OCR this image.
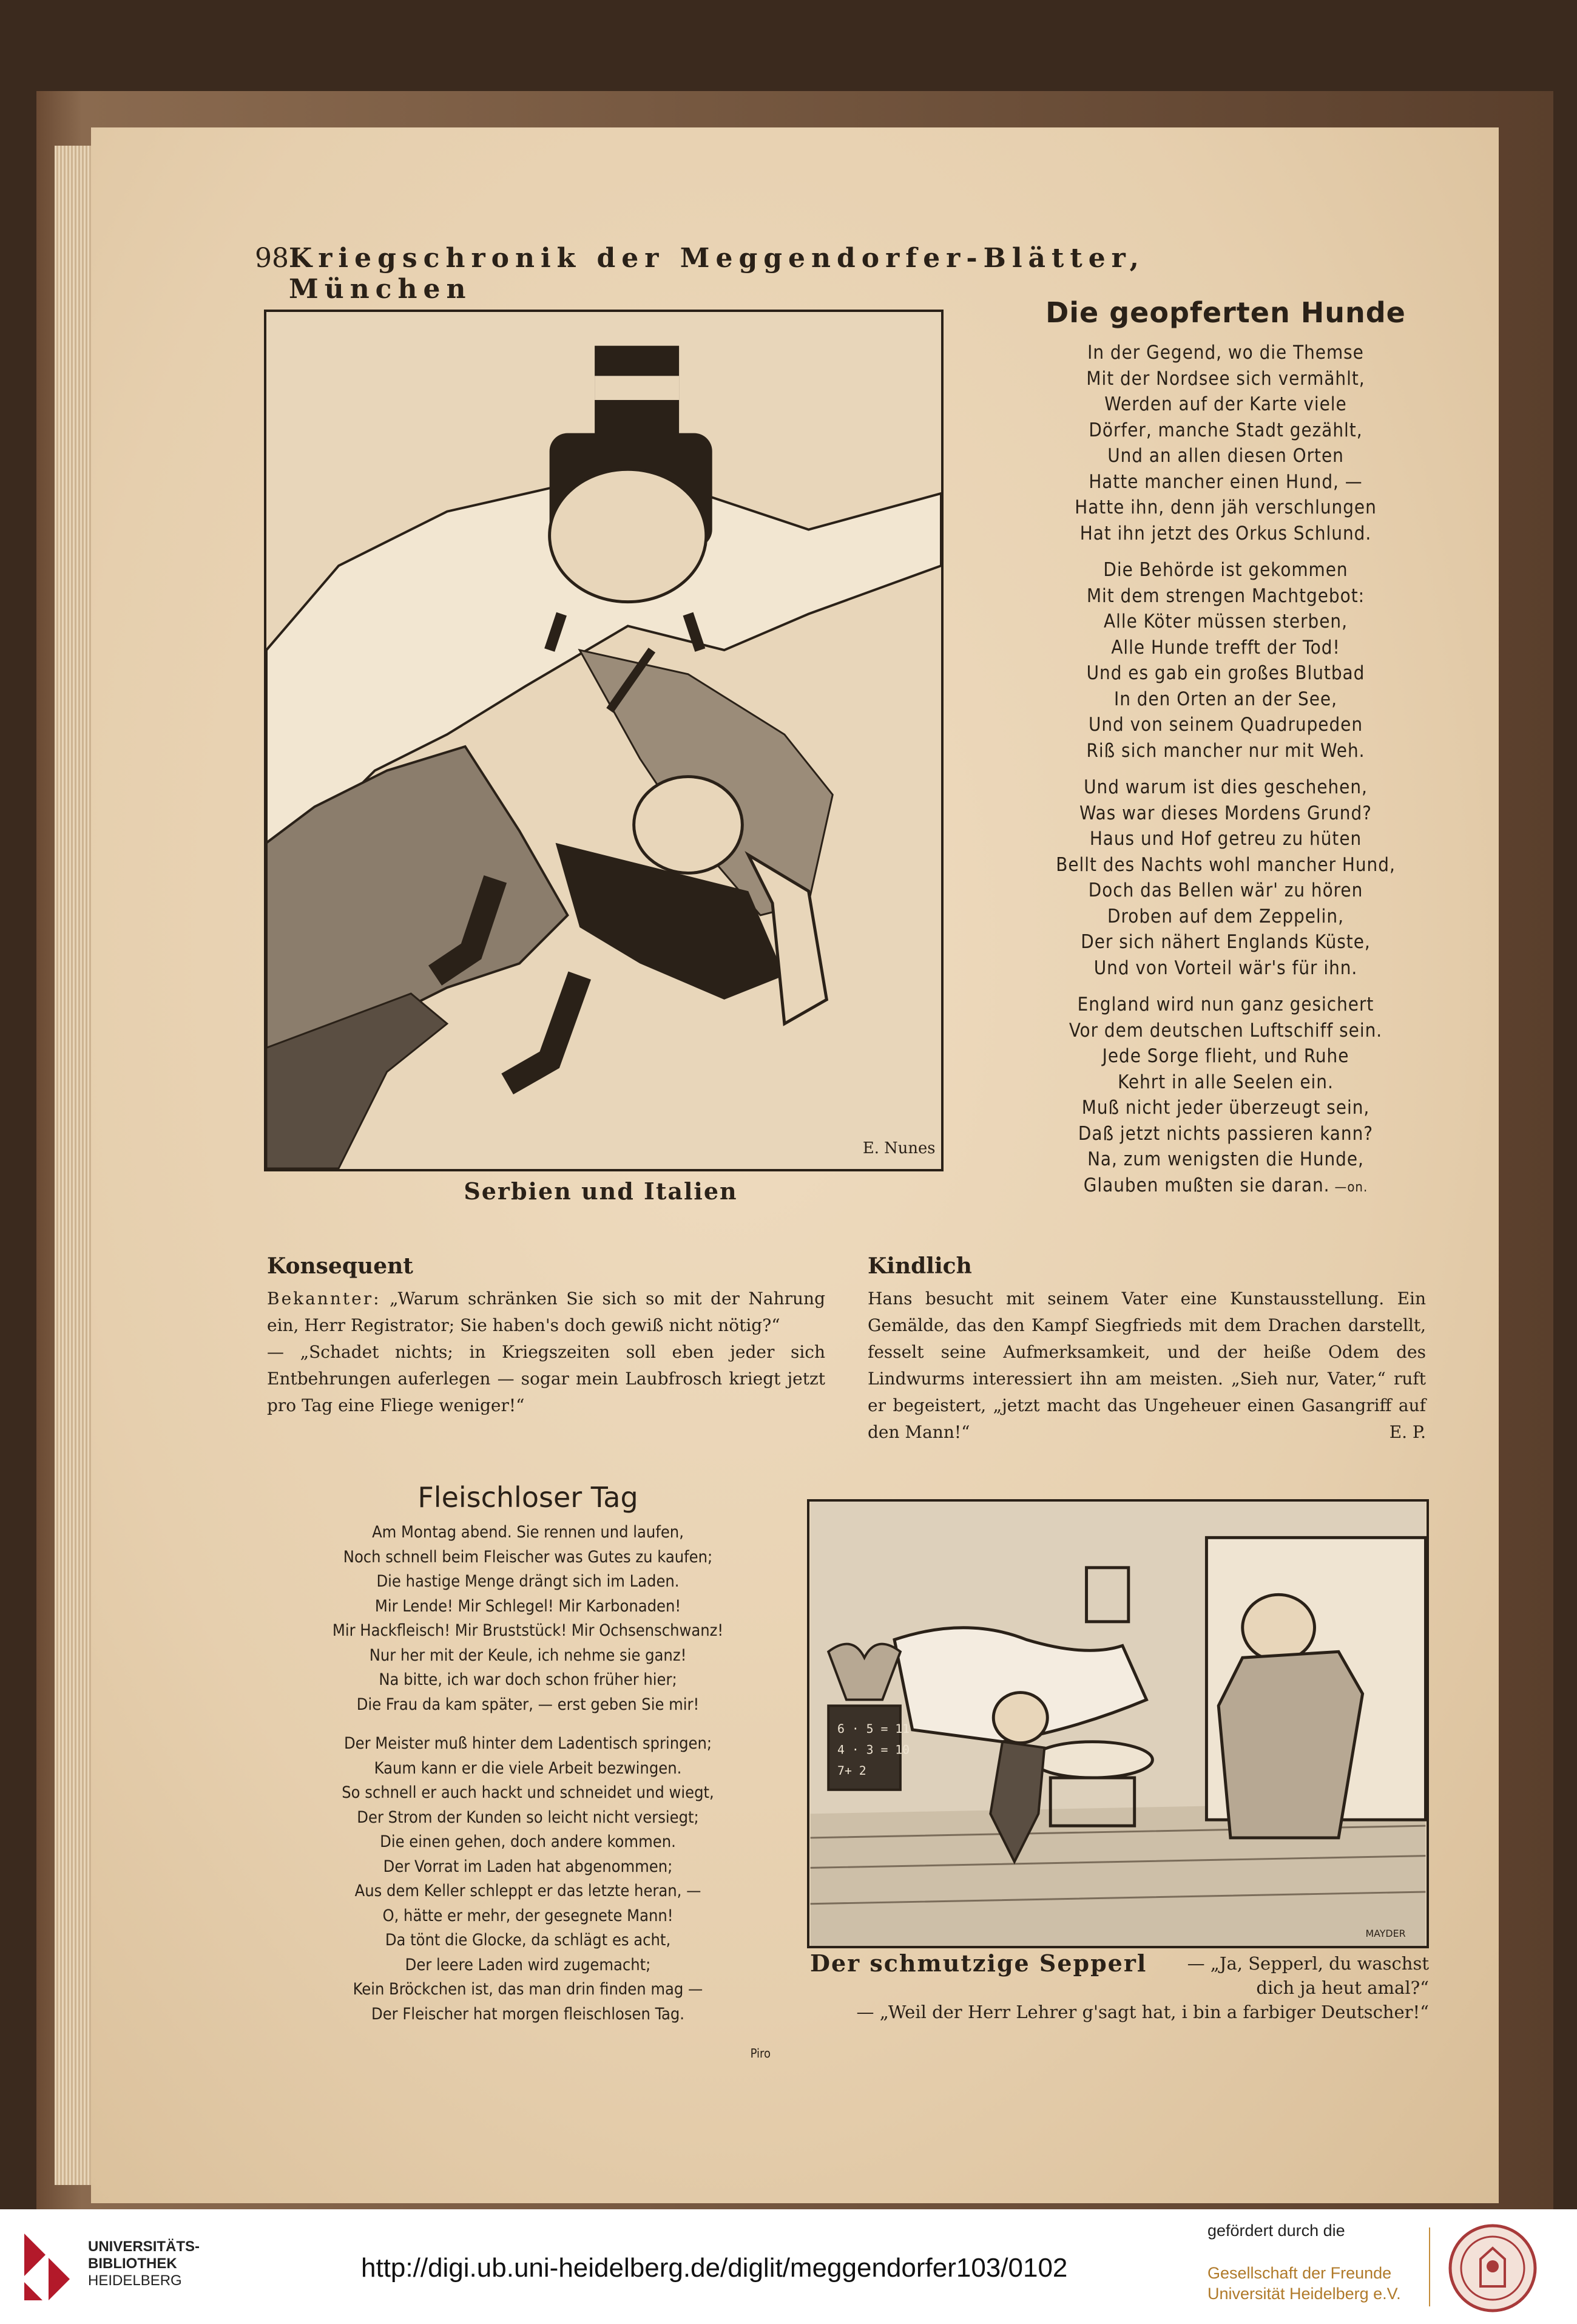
98 Kriegschronik der Meggendorfer-Blätter, München
E. Nunes
Serbien und Italien
Die geopferten Hunde
In der Gegend, wo die Themse
Mit der Nordsee sich vermählt,
Werden auf der Karte viele
Dörfer, manche Stadt gezählt,
Und an allen diesen Orten
Hatte mancher einen Hund, —
Hatte ihn, denn jäh verschlungen
Hat ihn jetzt des Orkus Schlund.
Die Behörde ist gekommen
Mit dem strengen Machtgebot:
Alle Köter müssen sterben,
Alle Hunde trefft der Tod!
Und es gab ein großes Blutbad
In den Orten an der See,
Und von seinem Quadrupeden
Riß sich mancher nur mit Weh.
Und warum ist dies geschehen,
Was war dieses Mordens Grund?
Haus und Hof getreu zu hüten
Bellt des Nachts wohl mancher Hund,
Doch das Bellen wär' zu hören
Droben auf dem Zeppelin,
Der sich nähert Englands Küste,
Und von Vorteil wär's für ihn.
England wird nun ganz gesichert
Vor dem deutschen Luftschiff sein.
Jede Sorge flieht, und Ruhe
Kehrt in alle Seelen ein.
Muß nicht jeder überzeugt sein,
Daß jetzt nichts passieren kann?
Na, zum wenigsten die Hunde,
Glauben mußten sie daran. —on.
Konsequent
Bekannter: „Warum schränken Sie sich so mit der Nahrung ein, Herr Registrator; Sie haben's doch gewiß nicht nötig?“
— „Schadet nichts; in Kriegszeiten soll eben jeder sich Entbehrungen auferlegen — sogar mein Laubfrosch kriegt jetzt pro Tag eine Fliege weniger!“
Kindlich
Hans besucht mit seinem Vater eine Kunstausstellung. Ein Gemälde, das den Kampf Siegfrieds mit dem Drachen darstellt, fesselt seine Aufmerksamkeit, und der heiße Odem des Lindwurms interessiert ihn am meisten. „Sieh nur, Vater,“ ruft er begeistert, „jetzt macht das Ungeheuer einen Gasangriff auf den Mann!“	E. P.
Fleischloser Tag
Am Montag abend. Sie rennen und laufen,
Noch schnell beim Fleischer was Gutes zu kaufen;
Die hastige Menge drängt sich im Laden.
Mir Lende! Mir Schlegel! Mir Karbonaden!
Mir Hackfleisch! Mir Bruststück! Mir Ochsenschwanz!
Nur her mit der Keule, ich nehme sie ganz!
Na bitte, ich war doch schon früher hier;
Die Frau da kam später, — erst geben Sie mir!
Der Meister muß hinter dem Ladentisch springen;
Kaum kann er die viele Arbeit bezwingen.
So schnell er auch hackt und schneidet und wiegt,
Der Strom der Kunden so leicht nicht versiegt;
Die einen gehen, doch andere kommen.
Der Vorrat im Laden hat abgenommen;
Aus dem Keller schleppt er das letzte heran, —
O, hätte er mehr, der gesegnete Mann!
Da tönt die Glocke, da schlägt es acht,
Der leere Laden wird zugemacht;
Kein Bröckchen ist, das man drin finden mag —
Der Fleischer hat morgen fleischlosen Tag.
Piro
6 · 5 = 11
4 · 3 = 10
7+ 2
MAYDER
Der schmutzige Sepperl	— „Ja, Sepperl, du waschst dich ja heut amal?“
— „Weil der Herr Lehrer g'sagt hat, i bin a farbiger Deutscher!“
UNIVERSITÄTS-
BIBLIOTHEK
HEIDELBERG	http://digi.ub.uni-heidelberg.de/diglit/meggendorfer103/0102
gefördert durch die
Gesellschaft der Freunde
Universität Heidelberg e.V.
